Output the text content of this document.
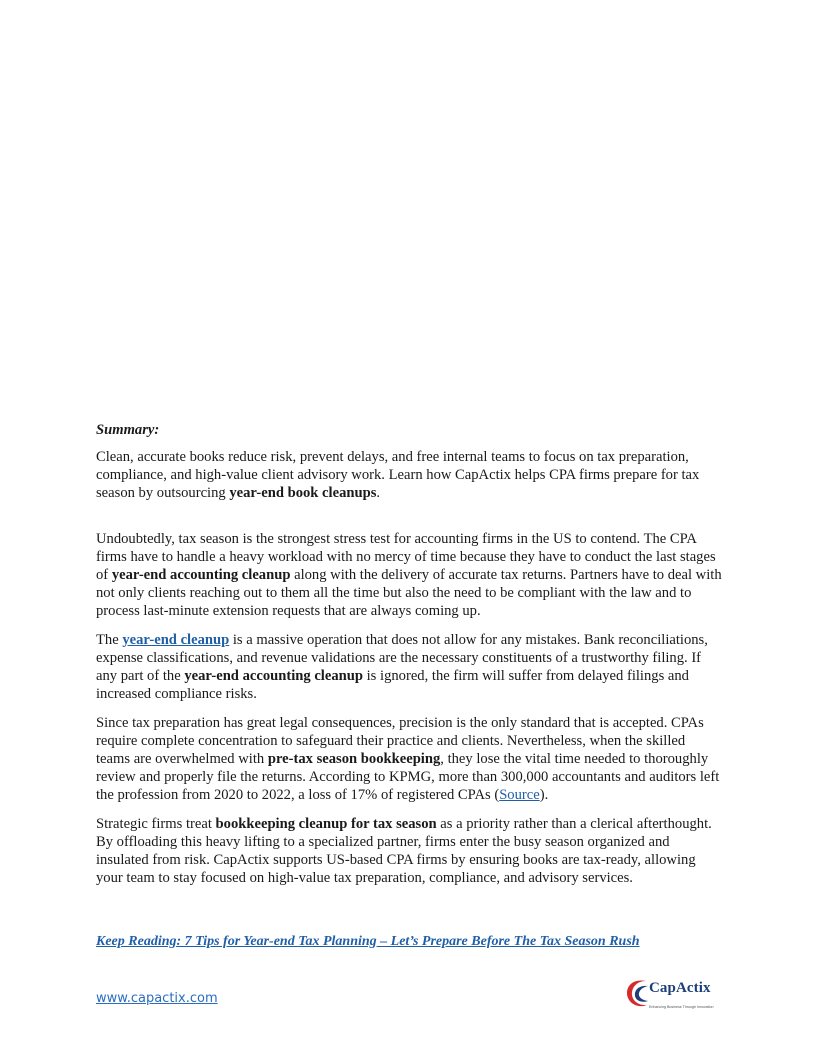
Summary:

Clean, accurate books reduce risk, prevent delays, and free internal teams to focus on tax preparation, compliance, and high-value client advisory work. Learn how CapActix helps CPA firms prepare for tax season by outsourcing year-end book cleanups.

Undoubtedly, tax season is the strongest stress test for accounting firms in the US to contend. The CPA firms have to handle a heavy workload with no mercy of time because they have to conduct the last stages of year-end accounting cleanup along with the delivery of accurate tax returns. Partners have to deal with not only clients reaching out to them all the time but also the need to be compliant with the law and to process last-minute extension requests that are always coming up.

The year-end cleanup is a massive operation that does not allow for any mistakes. Bank reconciliations, expense classifications, and revenue validations are the necessary constituents of a trustworthy filing. If any part of the year-end accounting cleanup is ignored, the firm will suffer from delayed filings and increased compliance risks.

Since tax preparation has great legal consequences, precision is the only standard that is accepted. CPAs require complete concentration to safeguard their practice and clients. Nevertheless, when the skilled teams are overwhelmed with pre-tax season bookkeeping, they lose the vital time needed to thoroughly review and properly file the returns. According to KPMG, more than 300,000 accountants and auditors left the profession from 2020 to 2022, a loss of 17% of registered CPAs (Source).

Strategic firms treat bookkeeping cleanup for tax season as a priority rather than a clerical afterthought. By offloading this heavy lifting to a specialized partner, firms enter the busy season organized and insulated from risk. CapActix supports US-based CPA firms by ensuring books are tax-ready, allowing your team to stay focused on high-value tax preparation, compliance, and advisory services.

Keep Reading: 7 Tips for Year-end Tax Planning – Let’s Prepare Before The Tax Season Rush
www.capactix.com
CapActix
Enhancing Business Through Innovation
